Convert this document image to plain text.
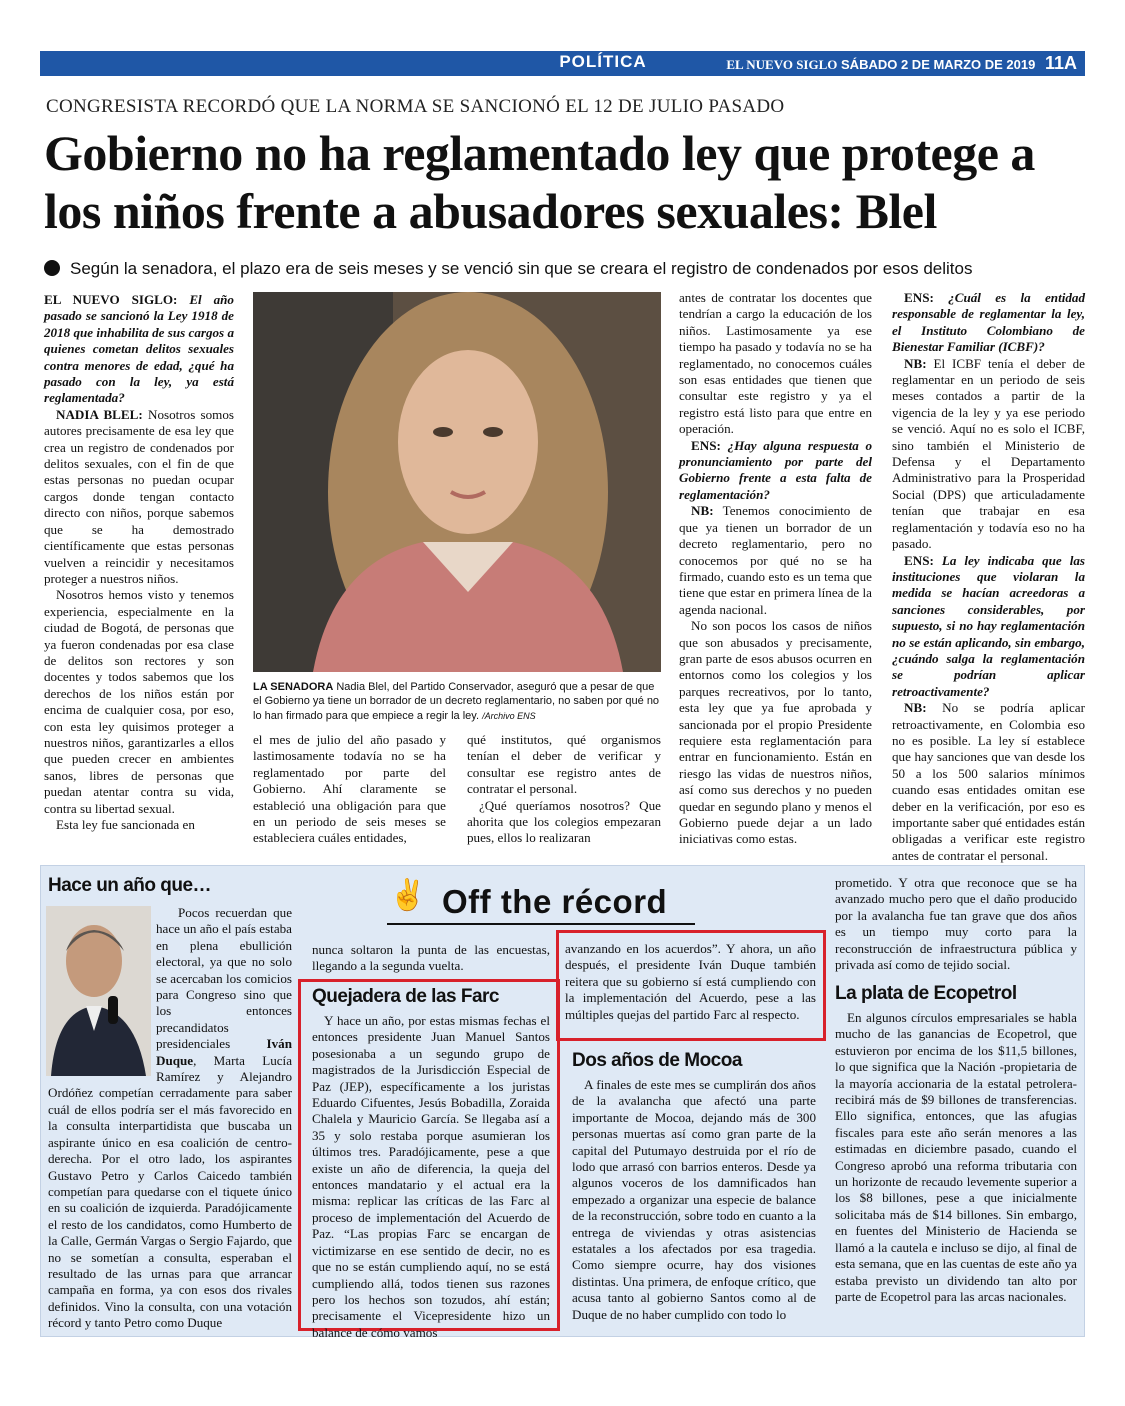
POLÍTICA	EL NUEVO SIGLO SÁBADO 2 DE MARZO DE 2019 11A
CONGRESISTA RECORDÓ QUE LA NORMA SE SANCIONÓ EL 12 DE JULIO PASADO
Gobierno no ha reglamentado ley que protege a los niños frente a abusadores sexuales: Blel
Según la senadora, el plazo era de seis meses y se venció sin que se creara el registro de condenados por esos delitos

EL NUEVO SIGLO: El año pasado se sancionó la Ley 1918 de 2018 que inhabilita de sus cargos a quienes cometan delitos sexuales contra menores de edad, ¿qué ha pasado con la ley, ya está reglamentada?

NADIA BLEL: Nosotros somos autores precisamente de esa ley que crea un registro de condenados por delitos sexuales, con el fin de que estas personas no puedan ocupar cargos donde tengan contacto directo con niños, porque sabemos que se ha demostrado científicamente que estas personas vuelven a reincidir y necesitamos proteger a nuestros niños.

Nosotros hemos visto y tenemos experiencia, especialmente en la ciudad de Bogotá, de personas que ya fueron condenadas por esa clase de delitos son rectores y son docentes y todos sabemos que los derechos de los niños están por encima de cualquier cosa, por eso, con esta ley quisimos proteger a nuestros niños, garantizarles a ellos que pueden crecer en ambientes sanos, libres de personas que puedan atentar contra su vida, contra su libertad sexual.

Esta ley fue sancionada en

LA SENADORA Nadia Blel, del Partido Conservador, aseguró que a pesar de que el Gobierno ya tiene un borrador de un decreto reglamentario, no saben por qué no lo han firmado para que empiece a regir la ley. /Archivo ENS

el mes de julio del año pasado y lastimosamente todavía no se ha reglamentado por parte del Gobierno. Ahí claramente se estableció una obligación para que en un periodo de seis meses se estableciera cuáles entidades,

qué institutos, qué organismos tenían el deber de verificar y consultar ese registro antes de contratar el personal.

¿Qué queríamos nosotros? Que ahorita que los colegios empezaran pues, ellos lo realizaran

antes de contratar los docentes que tendrían a cargo la educación de los niños. Lastimosamente ya ese tiempo ha pasado y todavía no se ha reglamentado, no conocemos cuáles son esas entidades que tienen que consultar este registro y ya el registro está listo para que entre en operación.

ENS: ¿Hay alguna respuesta o pronunciamiento por parte del Gobierno frente a esta falta de reglamentación?

NB: Tenemos conocimiento de que ya tienen un borrador de un decreto reglamentario, pero no conocemos por qué no se ha firmado, cuando esto es un tema que tiene que estar en primera línea de la agenda nacional.

No son pocos los casos de niños que son abusados y precisamente, gran parte de esos abusos ocurren en entornos como los colegios y los parques recreativos, por lo tanto, esta ley que ya fue aprobada y sancionada por el propio Presidente requiere esta reglamentación para entrar en funcionamiento. Están en riesgo las vidas de nuestros niños, así como sus derechos y no pueden quedar en segundo plano y menos el Gobierno puede dejar a un lado iniciativas como estas.

ENS: ¿Cuál es la entidad responsable de reglamentar la ley, el Instituto Colombiano de Bienestar Familiar (ICBF)?

NB: El ICBF tenía el deber de reglamentar en un periodo de seis meses contados a partir de la vigencia de la ley y ya ese periodo se venció. Aquí no es solo el ICBF, sino también el Ministerio de Defensa y el Departamento Administrativo para la Prosperidad Social (DPS) que articuladamente tenían que trabajar en esa reglamentación y todavía eso no ha pasado.

ENS: La ley indicaba que las instituciones que violaran la medida se hacían acreedoras a sanciones considerables, por supuesto, si no hay reglamentación no se están aplicando, sin embargo, ¿cuándo salga la reglamentación se podrían aplicar retroactivamente?

NB: No se podría aplicar retroactivamente, en Colombia eso no es posible. La ley sí establece que hay sanciones que van desde los 50 a los 500 salarios mínimos cuando esas entidades omitan ese deber en la verificación, por eso es importante saber qué entidades están obligadas a verificar este registro antes de contratar el personal.

✌ Off the récord
Hace un año que…

Pocos recuerdan que hace un año el país estaba en plena ebullición electoral, ya que no solo se acercaban los comicios para Congreso sino que los entonces precandidatos presidenciales	Iván Duque, Marta Lucía Ramírez y Alejandro Ordóñez competían cerradamente para saber cuál de ellos podría ser el más favorecido en la consulta interpartidista que buscaba un aspirante único en esa coalición de centro-derecha. Por el otro lado, los aspirantes Gustavo Petro y Carlos Caicedo también competían para quedarse con el tiquete único en su coalición de izquierda. Paradójicamente el resto de los candidatos, como Humberto de la Calle, Germán Vargas o Sergio Fajardo, que no se sometían a consulta, esperaban el resultado de las urnas para que arrancar campaña en forma, ya con esos dos rivales definidos. Vino la consulta, con una votación récord y tanto Petro como Duque

nunca soltaron la punta de las encuestas, llegando a la segunda vuelta.

Quejadera de las Farc

Y hace un año, por estas mismas fechas el entonces presidente Juan Manuel Santos posesionaba a un segundo grupo de magistrados de la Jurisdicción Especial de Paz (JEP), específicamente a los juristas Eduardo Cifuentes, Jesús Bobadilla, Zoraida Chalela y Mauricio García. Se llegaba así a 35 y solo restaba porque asumieran los últimos tres. Paradójicamente, pese a que existe un año de diferencia, la queja del entonces mandatario y el actual era la misma: replicar las críticas de las Farc al proceso de implementación del Acuerdo de Paz. “Las propias Farc se encargan de victimizarse en ese sentido de decir, no es que no se están cumpliendo aquí, no se está cumpliendo allá, todos tienen sus razones pero los hechos son tozudos, ahí están; precisamente el Vicepresidente hizo un balance de cómo vamos

avanzando en los acuerdos”. Y ahora, un año después, el presidente Iván Duque también reitera que su gobierno sí está cumpliendo con la implementación del Acuerdo, pese a las múltiples quejas del partido Farc al respecto.

Dos años de Mocoa

A finales de este mes se cumplirán dos años de la avalancha que afectó una parte importante de Mocoa, dejando más de 300 personas muertas así como gran parte de la capital del Putumayo destruida por el río de lodo que arrasó con barrios enteros. Desde ya algunos voceros de los damnificados han empezado a organizar una especie de balance de la reconstrucción, sobre todo en cuanto a la entrega de viviendas y otras asistencias estatales a los afectados por esa tragedia. Como siempre ocurre, hay dos visiones distintas. Una primera, de enfoque crítico, que acusa tanto al gobierno Santos como al de Duque de no haber cumplido con todo lo

prometido. Y otra que reconoce que se ha avanzado mucho pero que el daño producido por la avalancha fue tan grave que dos años es un tiempo muy corto para la reconstrucción de infraestructura pública y privada así como de tejido social.

La plata de Ecopetrol

En algunos círculos empresariales se habla mucho de las ganancias de Ecopetrol, que estuvieron por encima de los $11,5 billones, lo que significa que la Nación -propietaria de la mayoría accionaria de la estatal petrolera- recibirá más de $9 billones de transferencias. Ello significa, entonces, que las afugias fiscales para este año serán menores a las estimadas en diciembre pasado, cuando el Congreso aprobó una reforma tributaria con un horizonte de recaudo levemente superior a los $8 billones, pese a que inicialmente solicitaba más de $14 billones. Sin embargo, en fuentes del Ministerio de Hacienda se llamó a la cautela e incluso se dijo, al final de esta semana, que en las cuentas de este año ya estaba previsto un dividendo tan alto por parte de Ecopetrol para las arcas nacionales.
